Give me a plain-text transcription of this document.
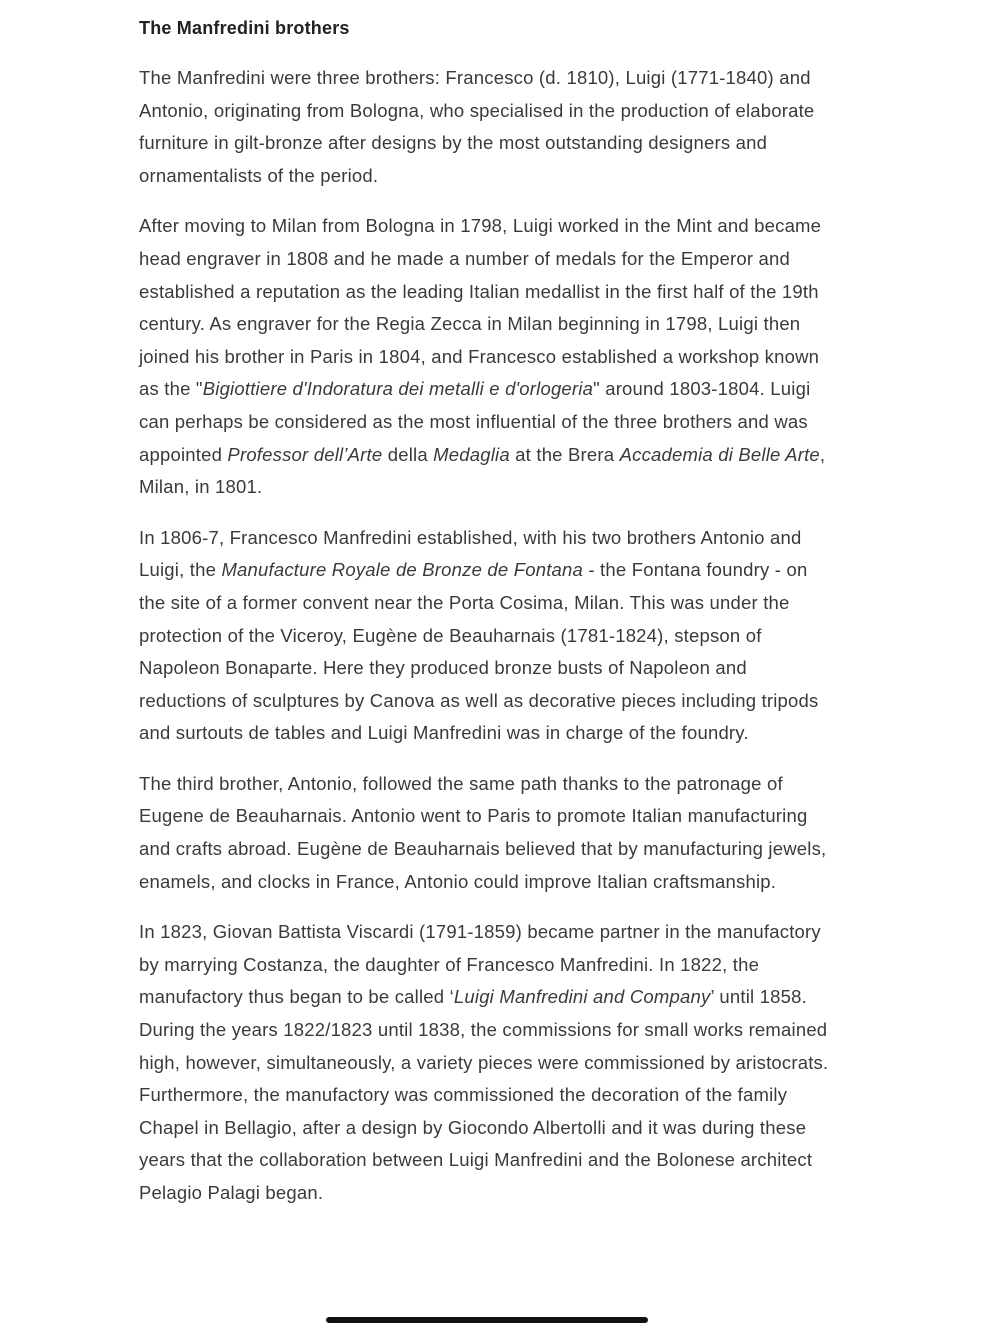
The Manfredini brothers

The Manfredini were three brothers: Francesco (d. 1810), Luigi (1771-1840) and Antonio, originating from Bologna, who specialised in the production of elaborate furniture in gilt-bronze after designs by the most outstanding designers and ornamentalists of the period.

After moving to Milan from Bologna in 1798, Luigi worked in the Mint and became head engraver in 1808 and he made a number of medals for the Emperor and established a reputation as the leading Italian medallist in the first half of the 19th century. As engraver for the Regia Zecca in Milan beginning in 1798, Luigi then joined his brother in Paris in 1804, and Francesco established a workshop known as the "Bigiottiere d'Indoratura dei metalli e d'orlogeria" around 1803-1804. Luigi can perhaps be considered as the most influential of the three brothers and was appointed Professor dell’Arte della Medaglia at the Brera Accademia di Belle Arte, Milan, in 1801.

In 1806-7, Francesco Manfredini established, with his two brothers Antonio and Luigi, the Manufacture Royale de Bronze de Fontana - the Fontana foundry - on the site of a former convent near the Porta Cosima, Milan. This was under the protection of the Viceroy, Eugène de Beauharnais (1781-1824), stepson of Napoleon Bonaparte. Here they produced bronze busts of Napoleon and reductions of sculptures by Canova as well as decorative pieces including tripods and surtouts de tables and Luigi Manfredini was in charge of the foundry.

The third brother, Antonio, followed the same path thanks to the patronage of Eugene de Beauharnais. Antonio went to Paris to promote Italian manufacturing and crafts abroad. Eugène de Beauharnais believed that by manufacturing jewels, enamels, and clocks in France, Antonio could improve Italian craftsmanship.

In 1823, Giovan Battista Viscardi (1791-1859) became partner in the manufactory by marrying Costanza, the daughter of Francesco Manfredini. In 1822, the manufactory thus began to be called ‘Luigi Manfredini and Company’ until 1858. During the years 1822/1823 until 1838, the commissions for small works remained high, however, simultaneously, a variety pieces were commissioned by aristocrats. Furthermore, the manufactory was commissioned the decoration of the family Chapel in Bellagio, after a design by Giocondo Albertolli and it was during these years that the collaboration between Luigi Manfredini and the Bolonese architect Pelagio Palagi began.
